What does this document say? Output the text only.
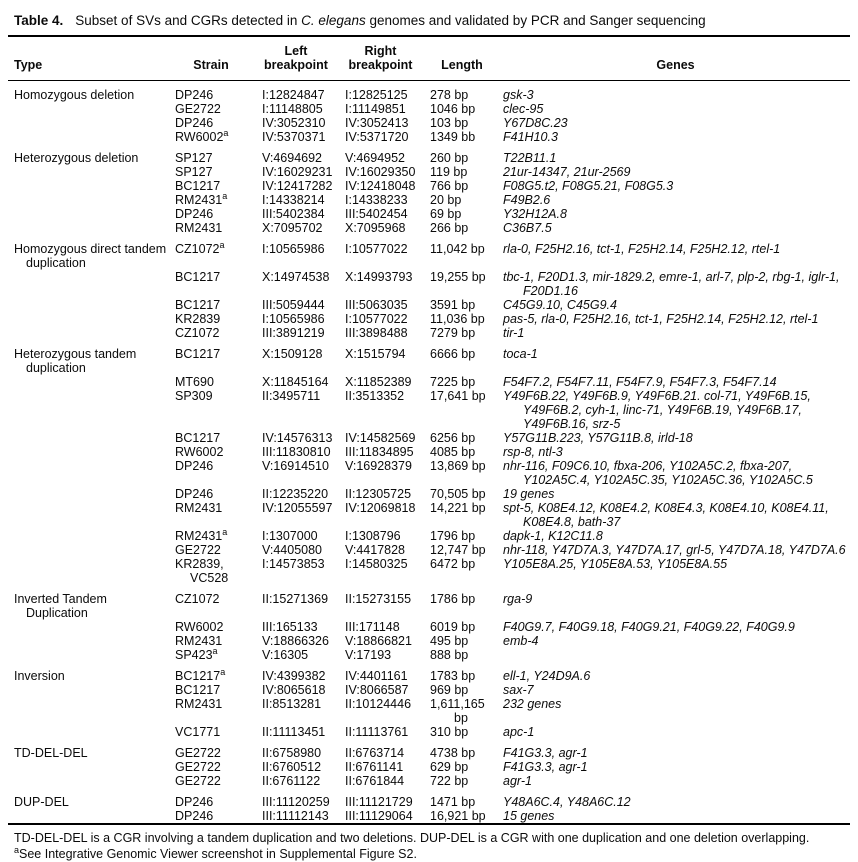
Table 4. Subset of SVs and CGRs detected in C. elegans genomes and validated by PCR and Sanger sequencing
Type	Strain	Left breakpoint	Right breakpoint	Length	Genes

Homozygous deletion	DP246	I:12824847	I:12825125	278 bp	gsk-3

	GE2722	I:11148805	I:11149851	1046 bp	clec-95

	DP246	IV:3052310	IV:3052413	103 bp	Y67D8C.23

	RW6002$^a$	IV:5370371	IV:5371720	1349 bb	F41H10.3

Heterozygous deletion	SP127	V:4694692	V:4694952	260 bp	T22B11.1

	SP127	IV:16029231	IV:16029350	119 bp	21ur-14347, 21ur-2569

	BC1217	IV:12417282	IV:12418048	766 bp	F08G5.t2, F08G5.21, F08G5.3

	RM2431$^a$	I:14338214	I:14338233	20 bp	F49B2.6

	DP246	III:5402384	III:5402454	69 bp	Y32H12A.8

	RM2431	X:7095702	X:7095968	266 bp	C36B7.5

Homozygous direct tandem duplication	CZ1072$^a$	I:10565986	I:10577022	11,042 bp	rla-0, F25H2.16, tct-1, F25H2.14, F25H2.12, rtel-1

	BC1217	X:14974538	X:14993793	19,255 bp	tbc-1, F20D1.3, mir-1829.2, emre-1, arl-7, plp-2, rbg-1, iglr-1, F20D1.16

	BC1217	III:5059444	III:5063035	3591 bp	C45G9.10, C45G9.4

	KR2839	I:10565986	I:10577022	11,036 bp	pas-5, rla-0, F25H2.16, tct-1, F25H2.14, F25H2.12, rtel-1

	CZ1072	III:3891219	III:3898488	7279 bp	tir-1

Heterozygous tandem duplication	BC1217	X:1509128	X:1515794	6666 bp	toca-1

	MT690	X:11845164	X:11852389	7225 bp	F54F7.2, F54F7.11, F54F7.9, F54F7.3, F54F7.14

	SP309	II:3495711	II:3513352	17,641 bp	Y49F6B.22, Y49F6B.9, Y49F6B.21. col-71, Y49F6B.15, Y49F6B.2, cyh-1, linc-71, Y49F6B.19, Y49F6B.17, Y49F6B.16, srz-5

	BC1217	IV:14576313	IV:14582569	6256 bp	Y57G11B.223, Y57G11B.8, irld-18

	RW6002	III:11830810	III:11834895	4085 bp	rsp-8, ntl-3

	DP246	V:16914510	V:16928379	13,869 bp	nhr-116, F09C6.10, fbxa-206, Y102A5C.2, fbxa-207, Y102A5C.4, Y102A5C.35, Y102A5C.36, Y102A5C.5

	DP246	II:12235220	II:12305725	70,505 bp	19 genes

	RM2431	IV:12055597	IV:12069818	14,221 bp	spt-5, K08E4.12, K08E4.2, K08E4.3, K08E4.10, K08E4.11, K08E4.8, bath-37

	RM2431$^a$	I:1307000	I:1308796	1796 bp	dapk-1, K12C11.8

	GE2722	V:4405080	V:4417828	12,747 bp	nhr-118, Y47D7A.3, Y47D7A.17, grl-5, Y47D7A.18, Y47D7A.6

	KR2839, VC528	I:14573853	I:14580325	6472 bp	Y105E8A.25, Y105E8A.53, Y105E8A.55

Inverted Tandem Duplication	CZ1072	II:15271369	II:15273155	1786 bp	rga-9

	RW6002	III:165133	III:171148	6019 bp	F40G9.7, F40G9.18, F40G9.21, F40G9.22, F40G9.9

	RM2431	V:18866326	V:18866821	495 bp	emb-4

	SP423$^a$	V:16305	V:17193	888 bp	

Inversion	BC1217$^a$	IV:4399382	IV:4401161	1783 bp	ell-1, Y24D9A.6

	BC1217	IV:8065618	IV:8066587	969 bp	sax-7

	RM2431	II:8513281	II:10124446	1,611,165 bp	232 genes

	VC1771	II:11113451	II:11113761	310 bp	apc-1

TD-DEL-DEL	GE2722	II:6758980	II:6763714	4738 bp	F41G3.3, agr-1

	GE2722	II:6760512	II:6761141	629 bp	F41G3.3, agr-1

	GE2722	II:6761122	II:6761844	722 bp	agr-1

DUP-DEL	DP246	III:11120259	III:11121729	1471 bp	Y48A6C.4, Y48A6C.12

	DP246	III:11112143	III:11129064	16,921 bp	15 genes
TD-DEL-DEL is a CGR involving a tandem duplication and two deletions. DUP-DEL is a CGR with one duplication and one deletion overlapping.
$^a$See Integrative Genomic Viewer screenshot in Supplemental Figure S2.
